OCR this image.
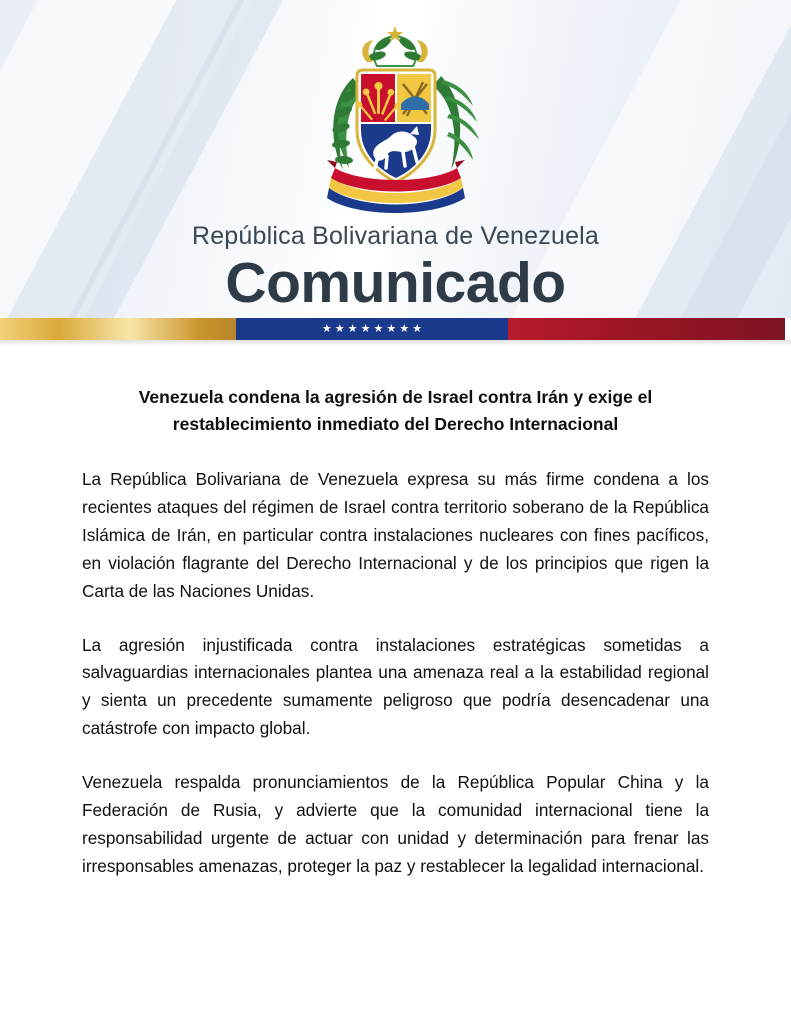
República Bolivariana de Venezuela
Comunicado
★ ★ ★ ★ ★ ★ ★ ★
Venezuela condena la agresión de Israel contra Irán y exige el restablecimiento inmediato del Derecho Internacional

La República Bolivariana de Venezuela expresa su más firme condena a los recientes ataques del régimen de Israel contra territorio soberano de la República Islámica de Irán, en particular contra instalaciones nucleares con fines pacíficos, en violación flagrante del Derecho Internacional y de los principios que rigen la Carta de las Naciones Unidas.

La agresión injustificada contra instalaciones estratégicas sometidas a salvaguardias internacionales plantea una amenaza real a la estabilidad regional y sienta un precedente sumamente peligroso que podría desencadenar una catástrofe con impacto global.

Venezuela respalda pronunciamientos de la República Popular China y la Federación de Rusia, y advierte que la comunidad internacional tiene la responsabilidad urgente de actuar con unidad y determinación para frenar las irresponsables amenazas, proteger la paz y restablecer la legalidad internacional.
